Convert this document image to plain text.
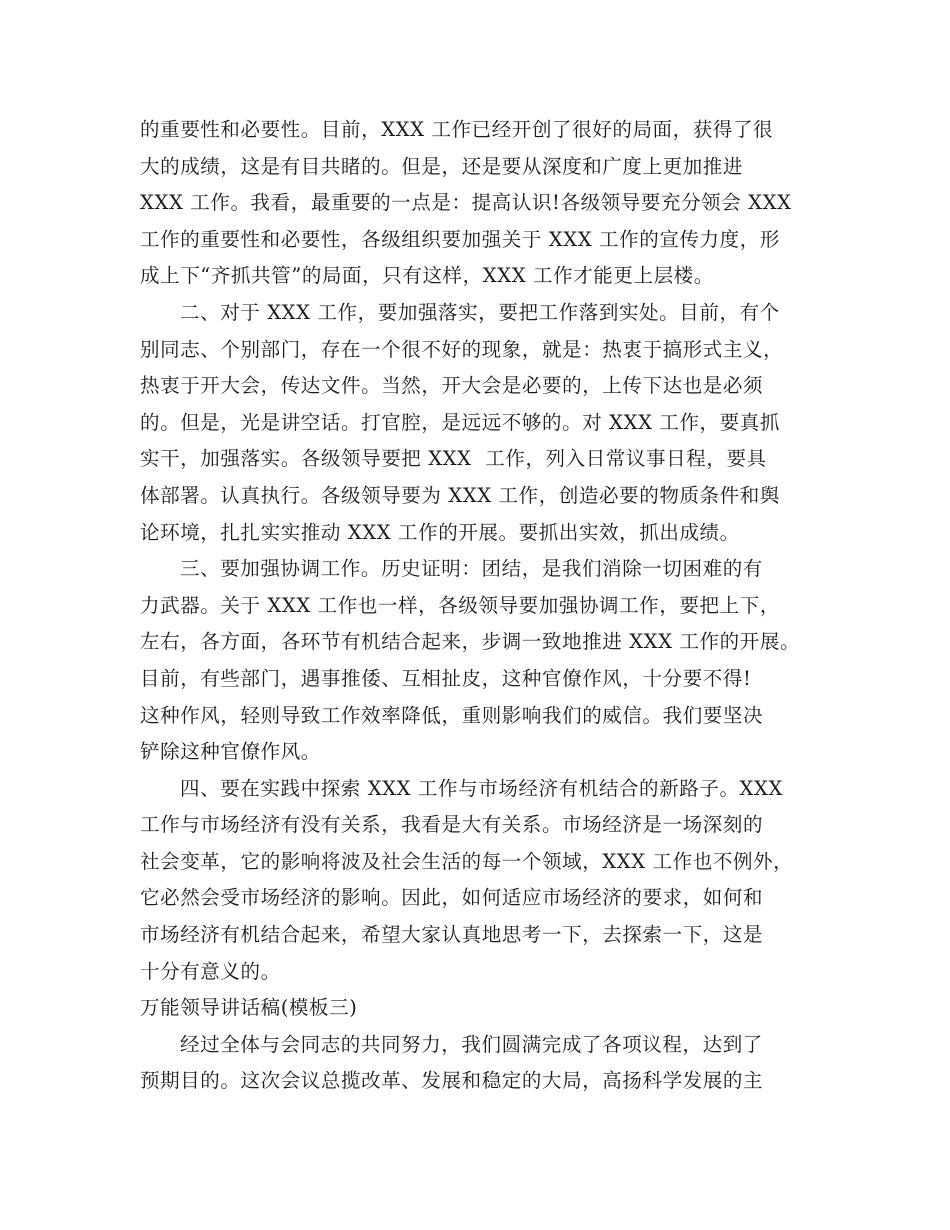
的重要性和必要性。目前，XXX 工作已经开创了很好的局面，获得了很
大的成绩，这是有目共睹的。但是，还是要从深度和广度上更加推进
XXX 工作。我看，最重要的一点是：提高认识!各级领导要充分领会 XXX
工作的重要性和必要性，各级组织要加强关于 XXX 工作的宣传力度，形
成上下“齐抓共管”的局面，只有这样，XXX 工作才能更上层楼。
二、对于 XXX 工作，要加强落实，要把工作落到实处。目前，有个
别同志、个别部门，存在一个很不好的现象，就是：热衷于搞形式主义，
热衷于开大会，传达文件。当然，开大会是必要的，上传下达也是必须
的。但是，光是讲空话。打官腔，是远远不够的。对 XXX 工作，要真抓
实干，加强落实。各级领导要把 XXX  工作，列入日常议事日程，要具
体部署。认真执行。各级领导要为 XXX 工作，创造必要的物质条件和舆
论环境，扎扎实实推动 XXX 工作的开展。要抓出实效，抓出成绩。
三、要加强协调工作。历史证明：团结，是我们消除一切困难的有
力武器。关于 XXX 工作也一样，各级领导要加强协调工作，要把上下，
左右，各方面，各环节有机结合起来，步调一致地推进 XXX 工作的开展。
目前，有些部门，遇事推倭、互相扯皮，这种官僚作风，十分要不得!
这种作风，轻则导致工作效率降低，重则影响我们的威信。我们要坚决
铲除这种官僚作风。
四、要在实践中探索 XXX 工作与市场经济有机结合的新路子。XXX
工作与市场经济有没有关系，我看是大有关系。市场经济是一场深刻的
社会变革，它的影响将波及社会生活的每一个领域，XXX 工作也不例外，
它必然会受市场经济的影响。因此，如何适应市场经济的要求，如何和
市场经济有机结合起来，希望大家认真地思考一下，去探索一下，这是
十分有意义的。
万能领导讲话稿(模板三)
经过全体与会同志的共同努力，我们圆满完成了各项议程，达到了
预期目的。这次会议总揽改革、发展和稳定的大局，高扬科学发展的主
